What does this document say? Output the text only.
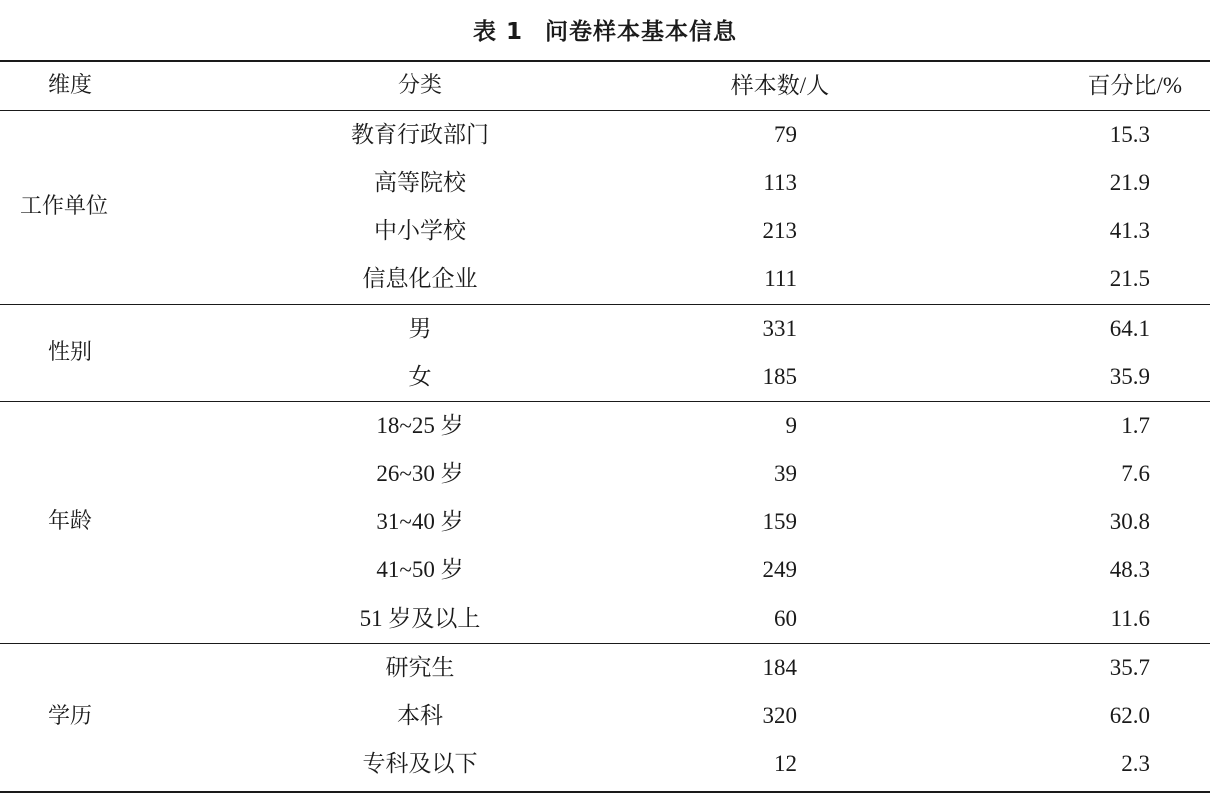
表 1 问卷样本基本信息
维度	分类	样本数/人	百分比/%
工作单位
教育行政部门	79	15.3
高等院校	113	21.9
中小学校	213	41.3
信息化企业	111	21.5
性别
男	331	64.1
女	185	35.9
年龄
18~25 岁	9	1.7
26~30 岁	39	7.6
31~40 岁	159	30.8
41~50 岁	249	48.3
51 岁及以上	60	11.6
学历
研究生	184	35.7
本科	320	62.0
专科及以下	12	2.3
